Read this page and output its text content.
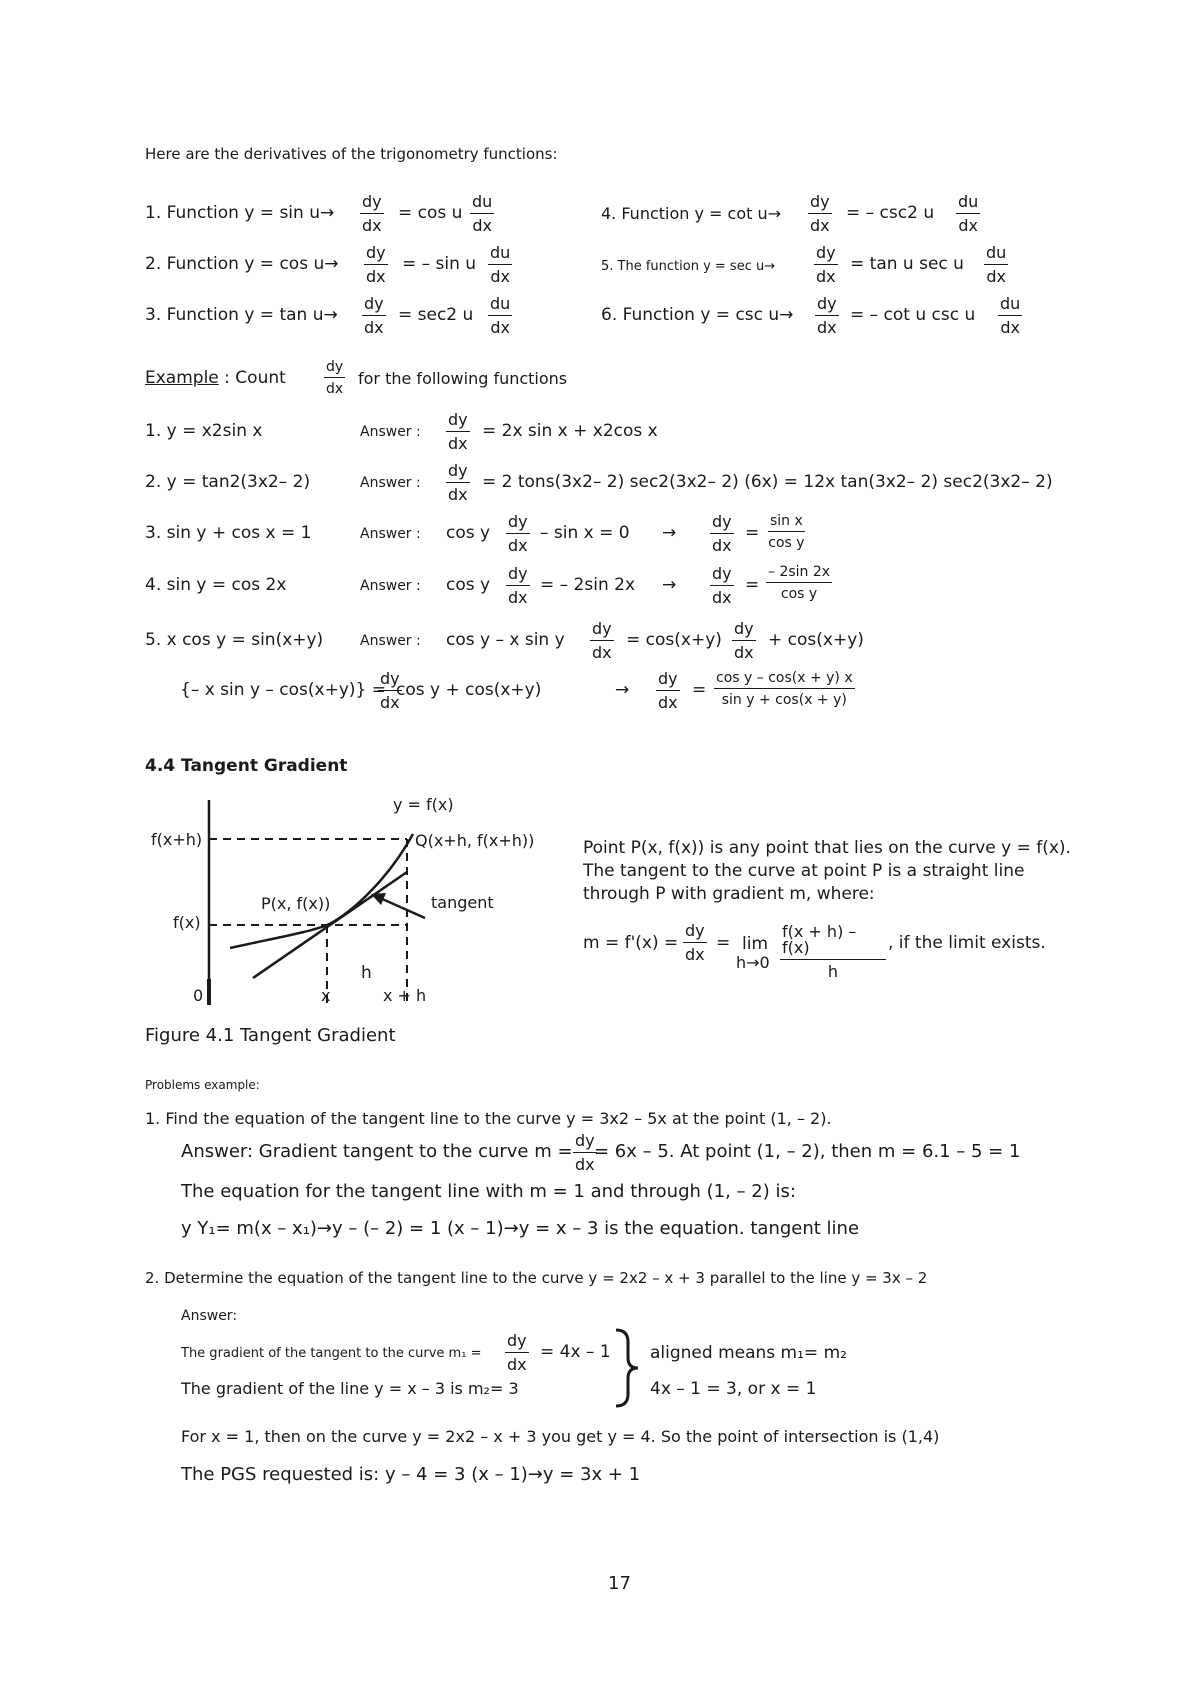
Here are the derivatives of the trigonometry functions:
1. Function $y = \sin u\to \frac{dy}{dx} = \cos u \frac{du}{dx}$
2. Function $y = \cos u\to \frac{dy}{dx}$ = – sin u $\frac{du}{dx}$
3. Function $y = \tan u\to \frac{dy}{dx} = \sec 2$ u $\frac{du}{dx}$
4. Function $y = \cot u\to \frac{dy}{dx}$ = – csc2 u $\frac{du}{dx}$
5. The function $y = \sec u\to \frac{dy}{dx} = \tan u$ sec u $\frac{du}{dx}$
6. Function $y = \csc u\to \frac{dy}{dx}$ = – cot u csc u $\frac{du}{dx}$
Example : Count	$\frac{dy}{dx}$ for the following functions
1. y = x2sin x	Answer : $\frac{dy}{dx} = 2x$ sin x + x2cos x
2. y = tan2(3x2– 2)	Answer : $\frac{dy}{dx} = 2$ tons(3x2– 2) sec2(3x2– 2) (6x) = 12x tan(3x2– 2) sec2(3x2– 2)
3. sin y + cos x = 1	Answer : cos y $\frac{dy}{dx} - \sin x = 0 \to \frac{dy}{dx} = \frac{\text{sin x}}{\text{cos y}}$
4. sin y = cos 2x	Answer : cos y $\frac{dy}{dx}$ = – 2sin $2x \to \frac{dy}{dx} = \frac{- 2\sin 2x}{\text{cos y}}$
5. x cos y = sin(x+y)	Answer : cos y – x sin y $\frac{dy}{dx} = \cos(x+y) \frac{dy}{dx} + \cos(x+y)$
{– x sin y – cos(x+y)} =
$\frac{dy}{dx}$
cos y + cos(x+y)	→ $\frac{dy}{dx} = \frac{\text{cos y – cos(x + y) x}}{\text{sin y + cos(x + y)}}$
4.4 Tangent Gradient
y = f(x)
f(x+h)	Q(x+h, f(x+h))
P(x, f(x))	tangent
f(x)
h
0	x	x + h
Point P(x, f(x)) is any point that lies on the curve y = f(x).
The tangent to the curve at point P is a straight line
through P with gradient m, where:
$m = f'(x) = \frac{dy}{dx} = \lim$
$h\to 0 \frac{f(x + h) - f(x)}{h}$ , if the limit exists.
Figure 4.1 Tangent Gradient
Problems example:
1. Find the equation of the tangent line to the curve y = 3x2 – 5x at the point (1, – 2).
Answer: Gradient tangent to the curve $m = \frac{dy}{dx}$
= 6x – 5. At point (1, – 2), then m = 6.1 – 5 = 1
The equation for the tangent line with m = 1 and through (1, – 2) is:
y Y₁= m(x – x₁)→y – (– 2) = 1 (x – 1)→y = x – 3 is the equation. tangent line
2. Determine the equation of the tangent line to the curve y = 2x2 – x + 3 parallel to the line y = 3x – 2
Answer:
The gradient of the tangent to the curve $m_1 = \frac{dy}{dx} = 4x - 1$
The gradient of the line y = x – 3 is m₂= 3
aligned means m₁= m₂
4x – 1 = 3, or x = 1
For x = 1, then on the curve y = 2x2 – x + 3 you get y = 4. So the point of intersection is (1,4)
The PGS requested is: y – 4 = 3 (x – 1)→y = 3x + 1
17
